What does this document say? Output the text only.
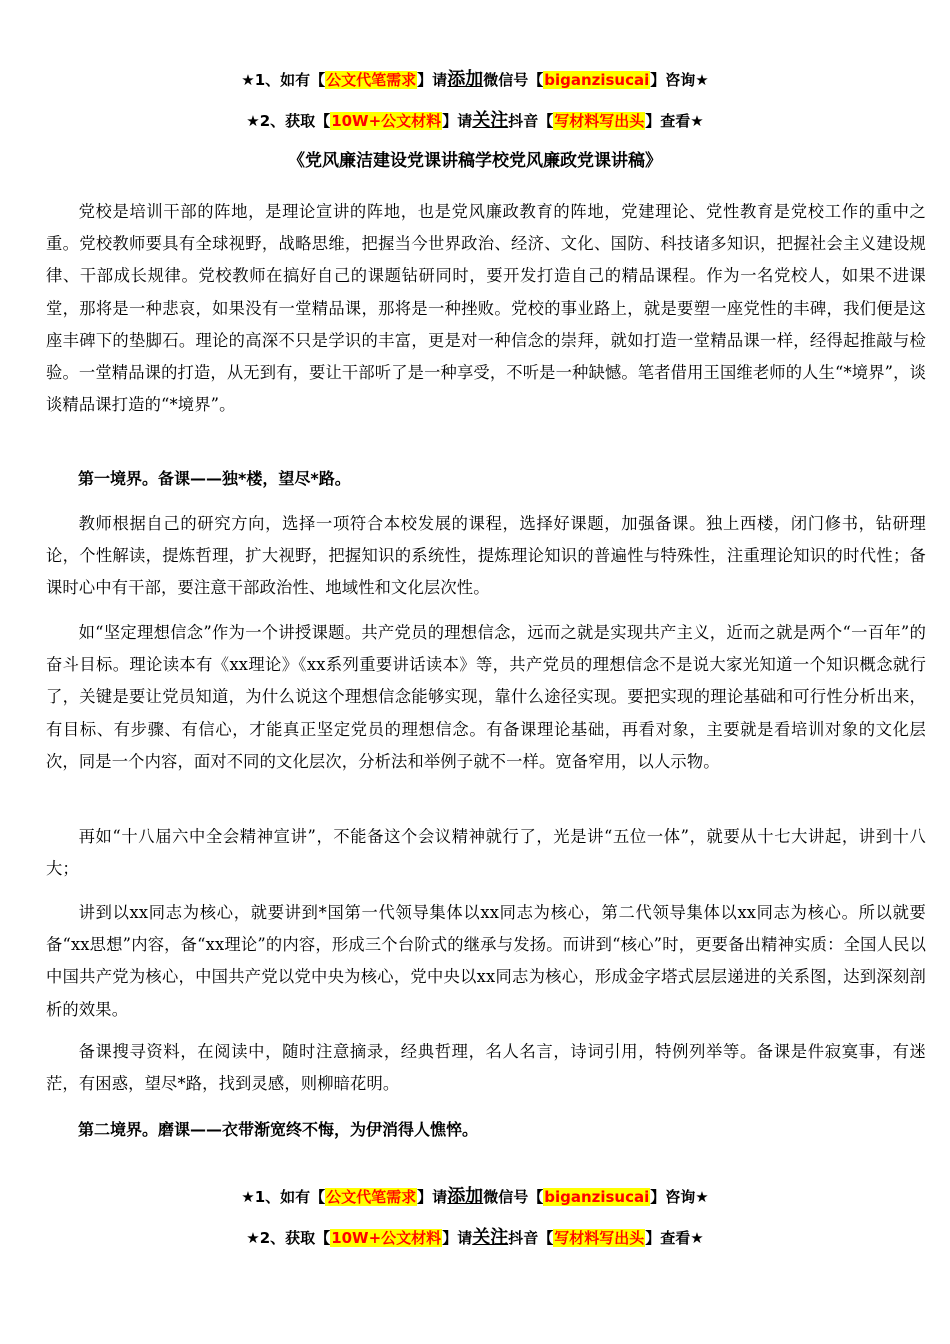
★1、如有【公文代笔需求】请添加微信号【biganzisucai】咨询★
★2、获取【10W+公文材料】请关注抖音【写材料写出头】查看★
《党风廉洁建设党课讲稿学校党风廉政党课讲稿》

党校是培训干部的阵地，是理论宣讲的阵地，也是党风廉政教育的阵地，党建理论、党性教育是党校工作的重中之重。党校教师要具有全球视野，战略思维，把握当今世界政治、经济、文化、国防、科技诸多知识，把握社会主义建设规律、干部成长规律。党校教师在搞好自己的课题钻研同时，要开发打造自己的精品课程。作为一名党校人，如果不进课堂，那将是一种悲哀，如果没有一堂精品课，那将是一种挫败。党校的事业路上，就是要塑一座党性的丰碑，我们便是这座丰碑下的垫脚石。理论的高深不只是学识的丰富，更是对一种信念的崇拜，就如打造一堂精品课一样，经得起推敲与检验。一堂精品课的打造，从无到有，要让干部听了是一种享受，不听是一种缺憾。笔者借用王国维老师的人生“*境界”，谈谈精品课打造的“*境界”。

第一境界。备课——独*楼，望尽*路。

教师根据自己的研究方向，选择一项符合本校发展的课程，选择好课题，加强备课。独上西楼，闭门修书，钻研理论，个性解读，提炼哲理，扩大视野，把握知识的系统性，提炼理论知识的普遍性与特殊性，注重理论知识的时代性；备课时心中有干部，要注意干部政治性、地域性和文化层次性。

如“坚定理想信念”作为一个讲授课题。共产党员的理想信念，远而之就是实现共产主义，近而之就是两个“一百年”的奋斗目标。理论读本有《xx理论》《xx系列重要讲话读本》等，共产党员的理想信念不是说大家光知道一个知识概念就行了，关键是要让党员知道，为什么说这个理想信念能够实现，靠什么途径实现。要把实现的理论基础和可行性分析出来，有目标、有步骤、有信心，才能真正坚定党员的理想信念。有备课理论基础，再看对象，主要就是看培训对象的文化层次，同是一个内容，面对不同的文化层次，分析法和举例子就不一样。宽备窄用，以人示物。

再如“十八届六中全会精神宣讲”，不能备这个会议精神就行了，光是讲“五位一体”，就要从十七大讲起，讲到十八大；

讲到以xx同志为核心，就要讲到*国第一代领导集体以xx同志为核心，第二代领导集体以xx同志为核心。所以就要备“xx思想”内容，备“xx理论”的内容，形成三个台阶式的继承与发扬。而讲到“核心”时，更要备出精神实质：全国人民以中国共产党为核心，中国共产党以党中央为核心，党中央以xx同志为核心，形成金字塔式层层递进的关系图，达到深刻剖析的效果。

备课搜寻资料，在阅读中，随时注意摘录，经典哲理，名人名言，诗词引用，特例列举等。备课是件寂寞事，有迷茫，有困惑，望尽*路，找到灵感，则柳暗花明。

第二境界。磨课——衣带渐宽终不悔，为伊消得人憔悴。

★1、如有【公文代笔需求】请添加微信号【biganzisucai】咨询★
★2、获取【10W+公文材料】请关注抖音【写材料写出头】查看★
